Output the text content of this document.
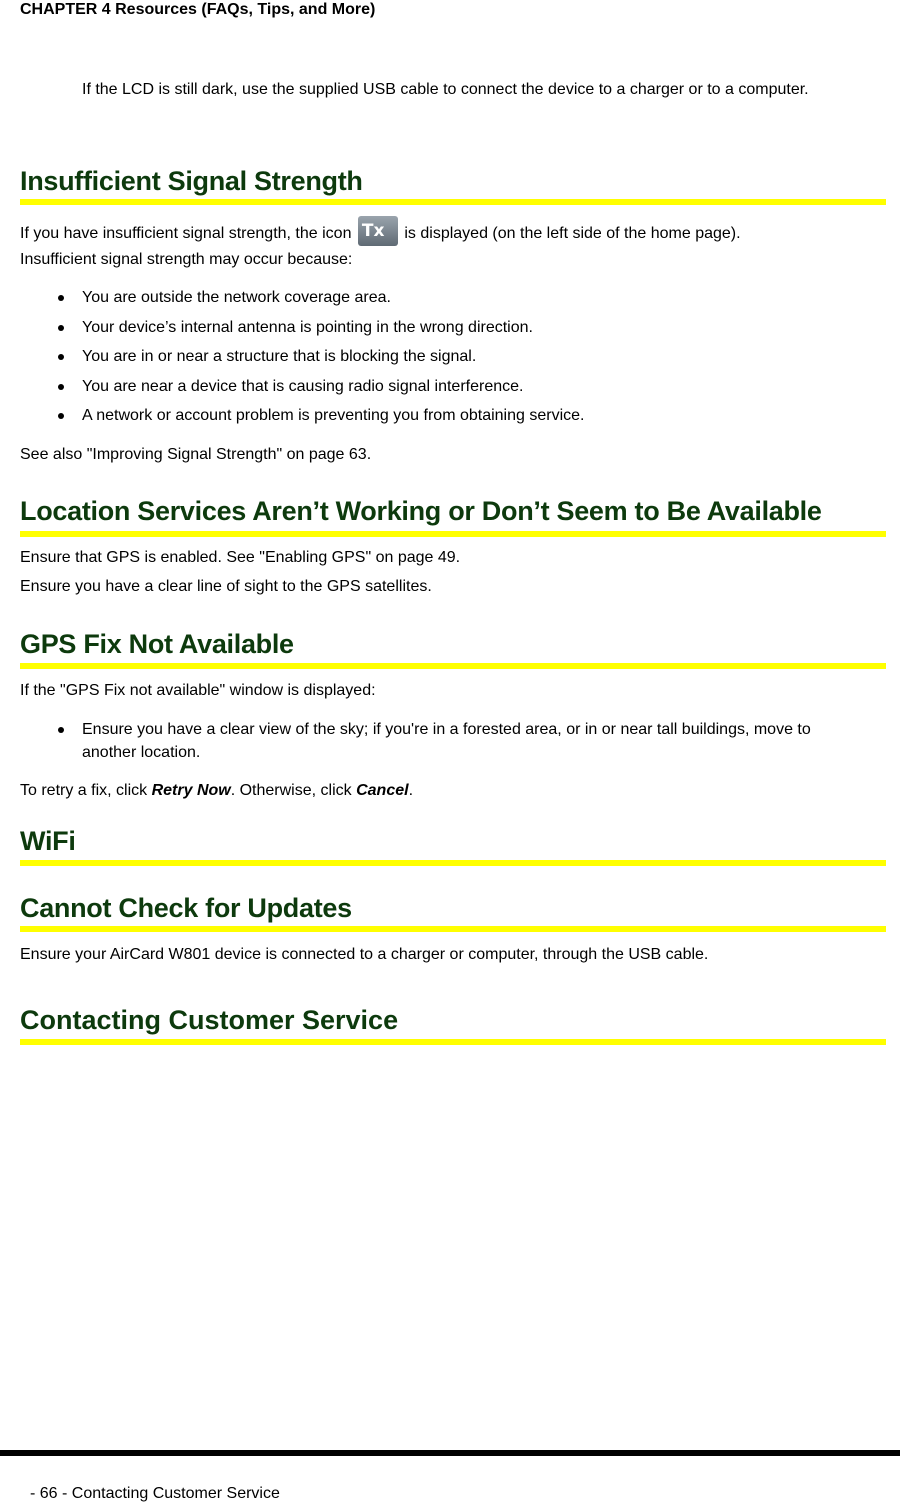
CHAPTER 4 Resources (FAQs, Tips, and More)

If the LCD is still dark, use the supplied USB cable to connect the device to a charger or to a computer.

Insufficient Signal Strength

If you have insufficient signal strength, the icon Tx is displayed (on the left side of the home page).

Insufficient signal strength may occur because:

You are outside the network coverage area.
Your device’s internal antenna is pointing in the wrong direction.
You are in or near a structure that is blocking the signal.
You are near a device that is causing radio signal interference.
A network or account problem is preventing you from obtaining service.

See also "Improving Signal Strength" on page 63.

Location Services Aren’t Working or Don’t Seem to Be Available

Ensure that GPS is enabled. See "Enabling GPS" on page 49.

Ensure you have a clear line of sight to the GPS satellites.

GPS Fix Not Available

If the "GPS Fix not available" window is displayed:

Ensure you have a clear view of the sky; if you're in a forested area, or in or near tall buildings, move to another location.

To retry a fix, click Retry Now. Otherwise, click Cancel.

WiFi
Cannot Check for Updates

Ensure your AirCard W801 device is connected to a charger or computer, through the USB cable.

Contacting Customer Service
- 66 - Contacting Customer Service
